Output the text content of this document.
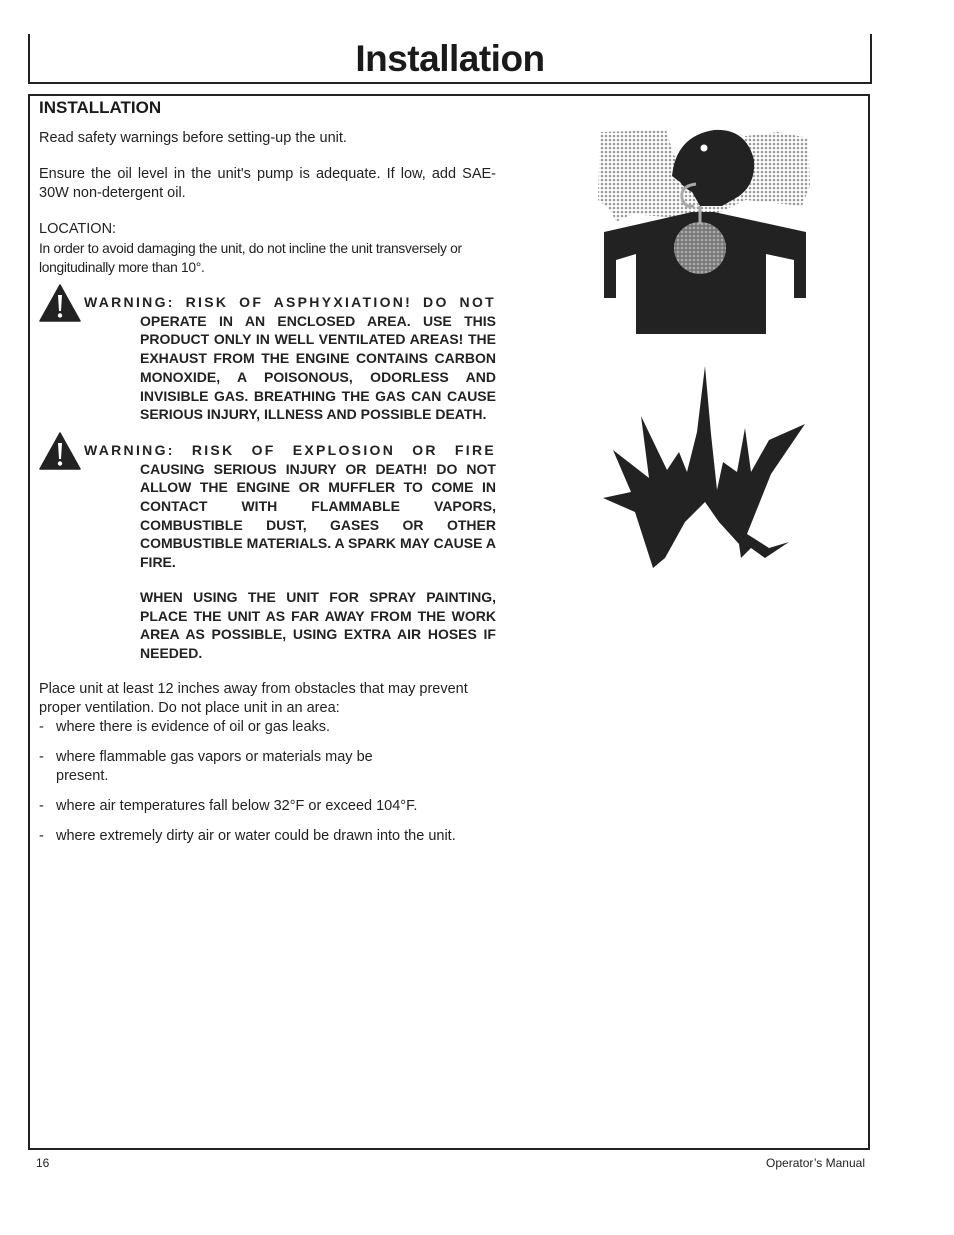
Installation
INSTALLATION

Read safety warnings before setting-up the unit.

Ensure the oil level in the unit's pump is adequate. If low, add SAE-30W non-detergent oil.

LOCATION:

In order to avoid damaging the unit, do not incline the unit transversely or longitudinally more than 10°.

WARNING: RISK OF ASPHYXIATION! DO NOT
OPERATE IN AN ENCLOSED AREA. USE THIS PRODUCT ONLY IN WELL VENTILATED AREAS! THE EXHAUST FROM THE ENGINE CONTAINS CARBON MONOXIDE, A POISONOUS, ODORLESS AND INVISIBLE GAS. BREATHING THE GAS CAN CAUSE SERIOUS INJURY, ILLNESS AND POSSIBLE DEATH.
WARNING: RISK OF EXPLOSION OR FIRE
CAUSING SERIOUS INJURY OR DEATH! DO NOT ALLOW THE ENGINE OR MUFFLER TO COME IN CONTACT WITH FLAMMABLE VAPORS, COMBUSTIBLE DUST, GASES OR OTHER COMBUSTIBLE MATERIALS. A SPARK MAY CAUSE A FIRE.
WHEN USING THE UNIT FOR SPRAY PAINTING, PLACE THE UNIT AS FAR AWAY FROM THE WORK AREA AS POSSIBLE, USING EXTRA AIR HOSES IF NEEDED.

Place unit at least 12 inches away from obstacles that may prevent proper ventilation. Do not place unit in an area:

- where there is evidence of oil or gas leaks.
- where flammable gas vapors or materials may be present.
- where air temperatures fall below 32°F or exceed 104°F.
- where extremely dirty air or water could be drawn into the unit.
16	Operator’s Manual
